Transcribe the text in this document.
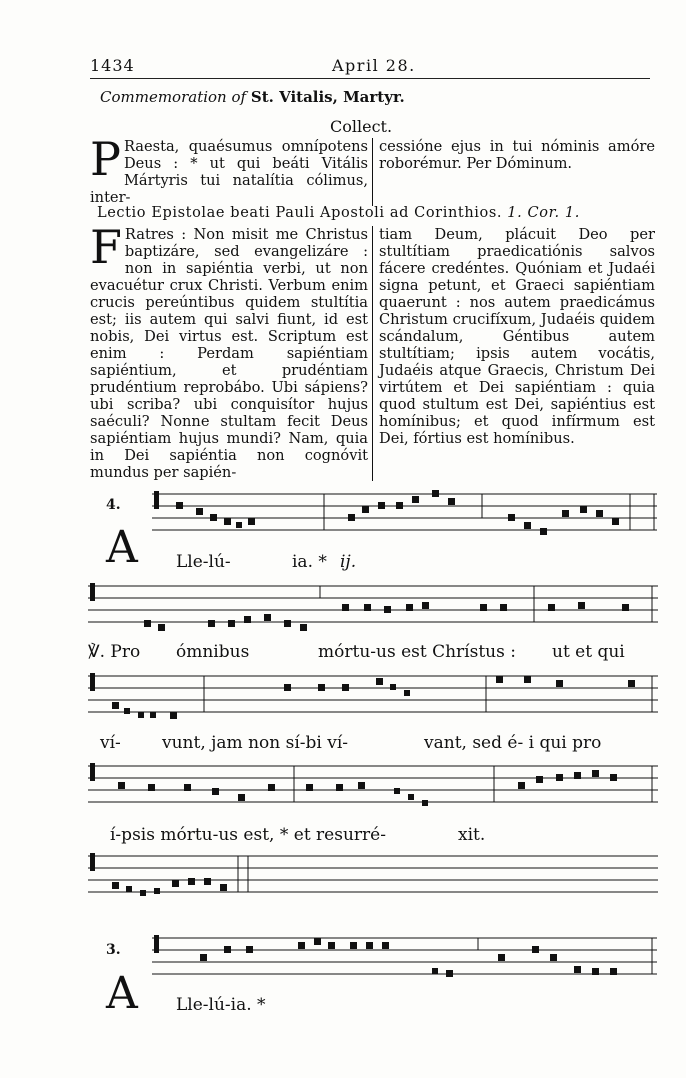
1434	April 28.
Commemoration of St. Vitalis, Martyr.
Collect.
P Raesta, quaésumus omnípotens Deus : * ut qui beáti Vitális Mártyris tui natalítia cólimus, inter-
cessióne ejus in tui nóminis amóre roborémur. Per Dóminum.
Lectio Epistolae beati Pauli Apostoli ad Corinthios. 1. Cor. 1.
F Ratres : Non misit me Christus baptizáre, sed evangelizáre : non in sapiéntia verbi, ut non evacuétur crux Christi. Verbum enim crucis pereúntibus quidem stultítia est; iis autem qui salvi fiunt, id est nobis, Dei virtus est. Scriptum est enim : Perdam sapiéntiam sapiéntium, et prudéntiam prudéntium reprobábo. Ubi sápiens? ubi scriba? ubi conquisítor hujus saéculi? Nonne stultam fecit Deus sapiéntiam hujus mundi? Nam, quia in Dei sapiéntia non cognóvit mundus per sapién-
tiam Deum, plácuit Deo per stultítiam praedicatiónis salvos fácere credéntes. Quóniam et Judaéi signa petunt, et Graeci sapiéntiam quaerunt : nos autem praedicámus Christum crucifíxum, Judaéis quidem scándalum, Géntibus autem stultítiam; ipsis autem vocátis, Judaéis atque Graecis, Christum Dei virtútem et Dei sapiéntiam : quia quod stultum est Dei, sapiéntius est homínibus; et quod infírmum est Dei, fórtius est homínibus.
4.
A Lle-lú-	ia. * ij.
℣. Pro ómnibus	mórtu-us est Chrístus : ut et qui
ví- vunt, jam non sí-bi ví-	vant, sed é- i qui pro
í-psis mórtu-us est, * et resurré-	xit.
3.
A Lle-lú-ia. *
